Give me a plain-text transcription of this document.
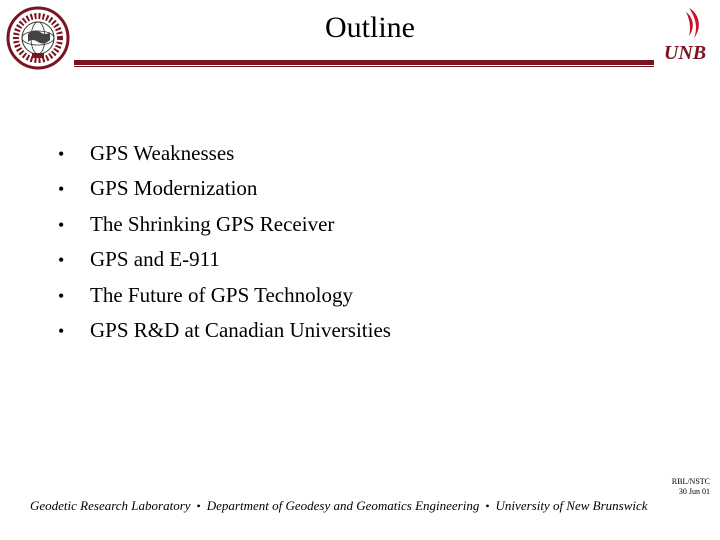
Outline
UNB
•	GPS Weaknesses
•	GPS Modernization
•	The Shrinking GPS Receiver
•	GPS and E-911
•	The Future of GPS Technology
•	GPS R&D at Canadian Universities
RBL/NSTC
30 Jun 01
Geodetic Research Laboratory • Department of Geodesy and Geomatics Engineering • University of New Brunswick
